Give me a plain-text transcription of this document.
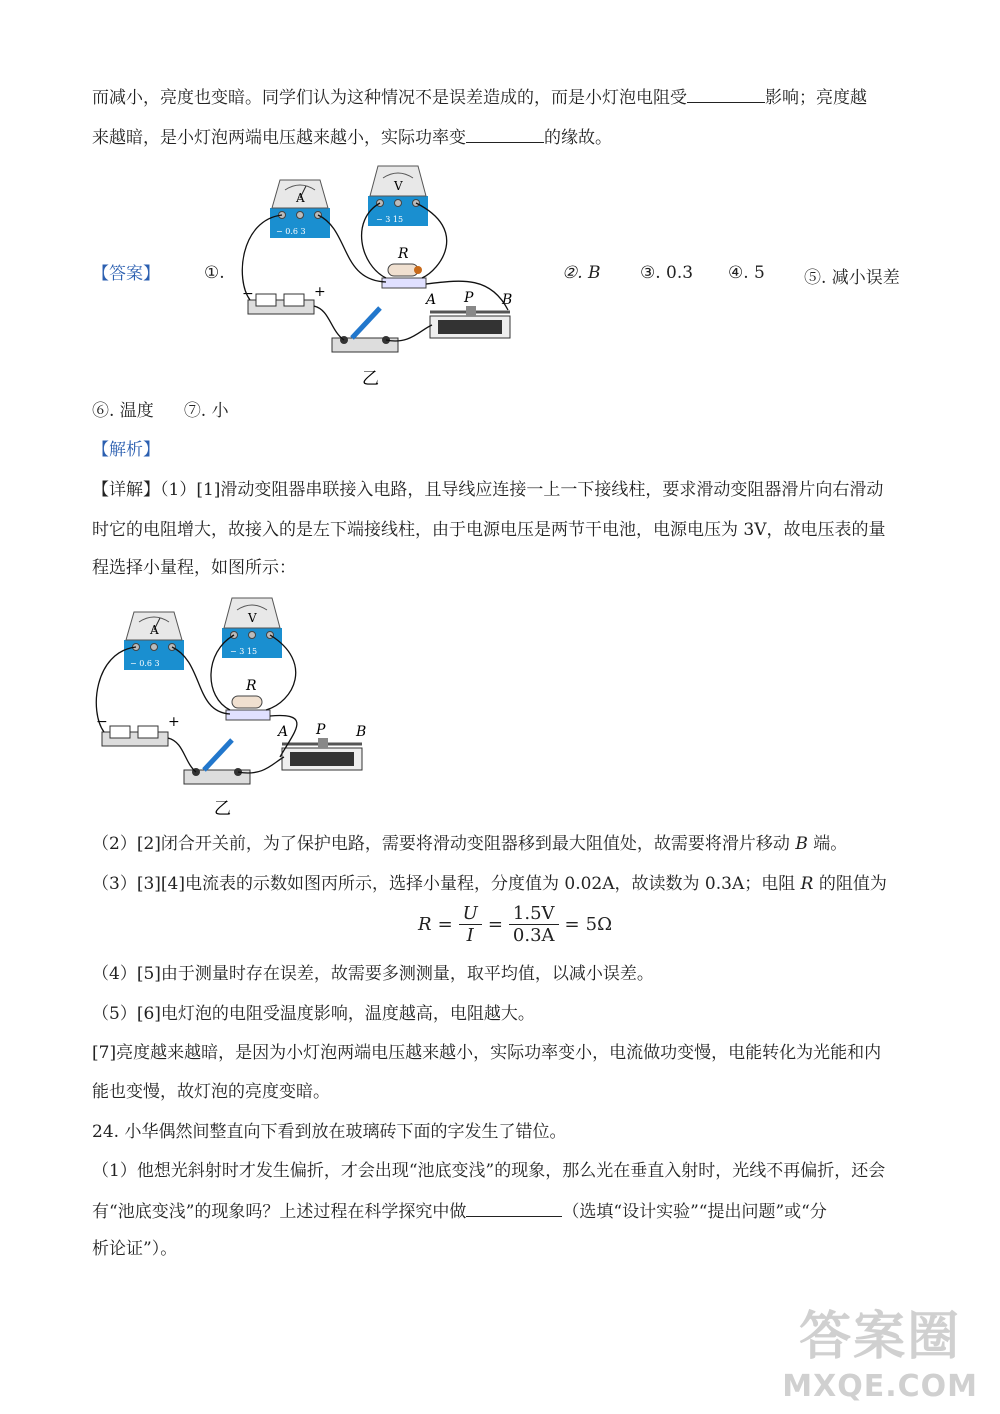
而减小，亮度也变暗。同学们认为这种情况不是误差造成的，而是小灯泡电阻受	影响；亮度越
来越暗，是小灯泡两端电压越来越小，实际功率变	的缘故。
【答案】	①.
A
− 0.6 3
V
− 3 15
R
−	+	A P B
乙
②. B ③. 0.3 ④. 5 ⑤. 减小误差
⑥. 温度 ⑦. 小
【解析】
【详解】（1）[1]滑动变阻器串联接入电路，且导线应连接一上一下接线柱，要求滑动变阻器滑片向右滑动
时它的电阻增大，故接入的是左下端接线柱，由于电源电压是两节干电池，电源电压为 3V，故电压表的量
程选择小量程，如图所示：
A
− 0.6 3
V
− 3 15
R
−	+
A P B
乙
（2）[2]闭合开关前，为了保护电路，需要将滑动变阻器移到最大阻值处，故需要将滑片移动 B 端。
（3）[3][4]电流表的示数如图丙所示，选择小量程，分度值为 0.02A，故读数为 0.3A；电阻 R 的阻值为
$R = \frac{U}{I} = \frac{1.5V}{0.3A} = 5\Omega$
（4）[5]由于测量时存在误差，故需要多测测量，取平均值，以减小误差。
（5）[6]电灯泡的电阻受温度影响，温度越高，电阻越大。
[7]亮度越来越暗，是因为小灯泡两端电压越来越小，实际功率变小，电流做功变慢，电能转化为光能和内
能也变慢，故灯泡的亮度变暗。
24. 小华偶然间整直向下看到放在玻璃砖下面的字发生了错位。
（1）他想光斜射时才发生偏折，才会出现“池底变浅”的现象，那么光在垂直入射时，光线不再偏折，还会
有“池底变浅”的现象吗？上述过程在科学探究中做	（选填“设计实验”“提出问题”或“分
析论证”）。
答案圈
MXQE.COM
